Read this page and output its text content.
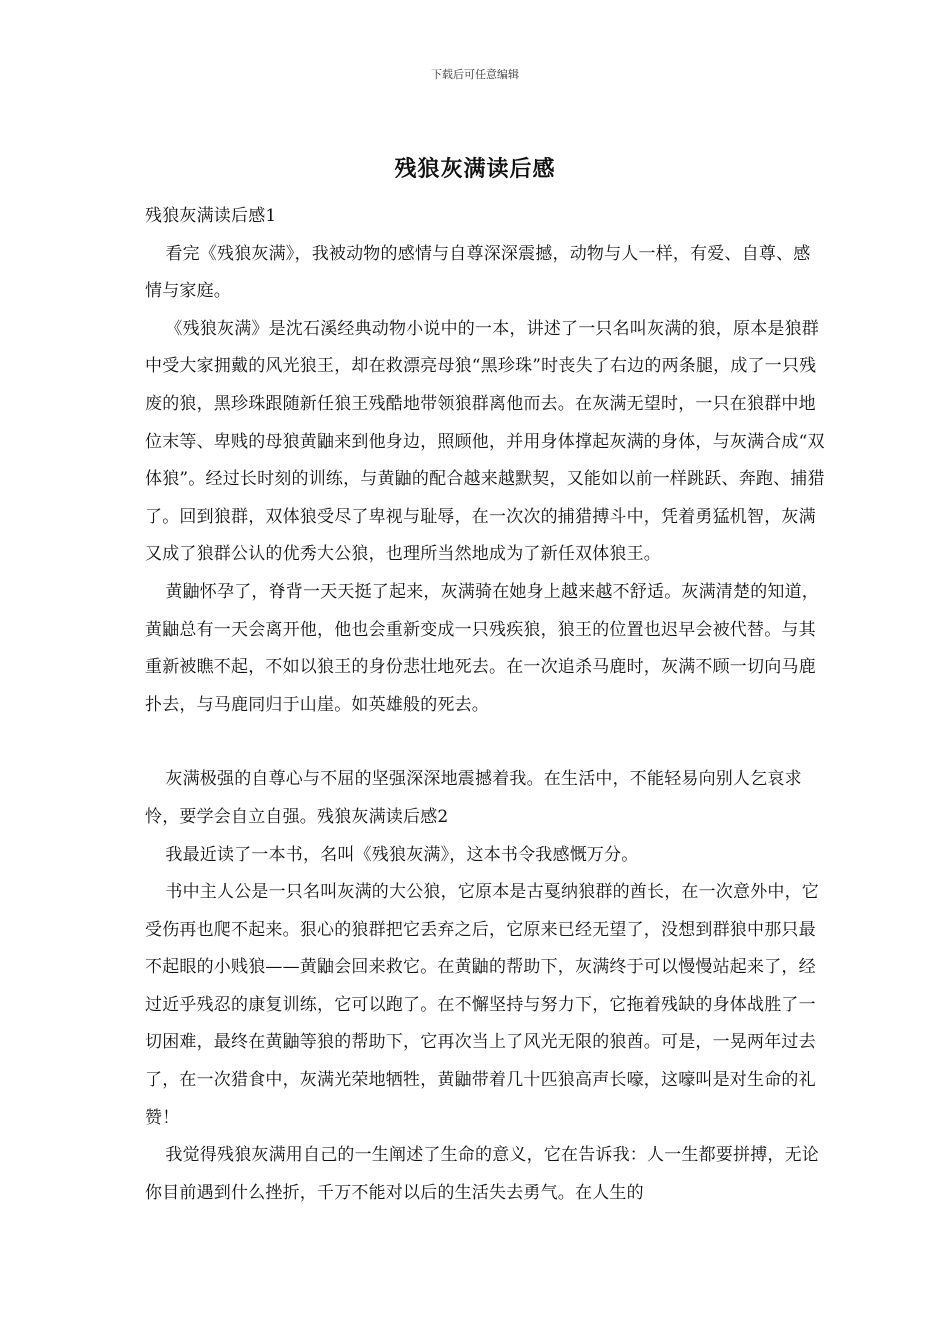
下载后可任意编辑
残狼灰满读后感

残狼灰满读后感1

看完《残狼灰满》，我被动物的感情与自尊深深震撼，动物与人一样，有爱、自尊、感情与家庭。

《残狼灰满》是沈石溪经典动物小说中的一本，讲述了一只名叫灰满的狼，原本是狼群中受大家拥戴的风光狼王，却在救漂亮母狼“黑珍珠”时丧失了右边的两条腿，成了一只残废的狼，黑珍珠跟随新任狼王残酷地带领狼群离他而去。在灰满无望时，一只在狼群中地位末等、卑贱的母狼黄鼬来到他身边，照顾他，并用身体撑起灰满的身体，与灰满合成“双体狼”。经过长时刻的训练，与黄鼬的配合越来越默契，又能如以前一样跳跃、奔跑、捕猎了。回到狼群，双体狼受尽了卑视与耻辱，在一次次的捕猎搏斗中，凭着勇猛机智，灰满又成了狼群公认的优秀大公狼，也理所当然地成为了新任双体狼王。

黄鼬怀孕了，脊背一天天挺了起来，灰满骑在她身上越来越不舒适。灰满清楚的知道，黄鼬总有一天会离开他，他也会重新变成一只残疾狼，狼王的位置也迟早会被代替。与其重新被瞧不起，不如以狼王的身份悲壮地死去。在一次追杀马鹿时，灰满不顾一切向马鹿扑去，与马鹿同归于山崖。如英雄般的死去。

灰满极强的自尊心与不屈的坚强深深地震撼着我。在生活中，不能轻易向别人乞哀求怜，要学会自立自强。残狼灰满读后感2

我最近读了一本书，名叫《残狼灰满》，这本书令我感慨万分。

书中主人公是一只名叫灰满的大公狼，它原本是古戛纳狼群的酋长，在一次意外中，它受伤再也爬不起来。狠心的狼群把它丢弃之后，它原来已经无望了，没想到群狼中那只最不起眼的小贱狼——黄鼬会回来救它。在黄鼬的帮助下，灰满终于可以慢慢站起来了，经过近乎残忍的康复训练，它可以跑了。在不懈坚持与努力下，它拖着残缺的身体战胜了一切困难，最终在黄鼬等狼的帮助下，它再次当上了风光无限的狼酋。可是，一晃两年过去了，在一次猎食中，灰满光荣地牺牲，黄鼬带着几十匹狼高声长嚎，这嚎叫是对生命的礼赞！

我觉得残狼灰满用自己的一生阐述了生命的意义，它在告诉我：人一生都要拼搏，无论你目前遇到什么挫折，千万不能对以后的生活失去勇气。在人生的
